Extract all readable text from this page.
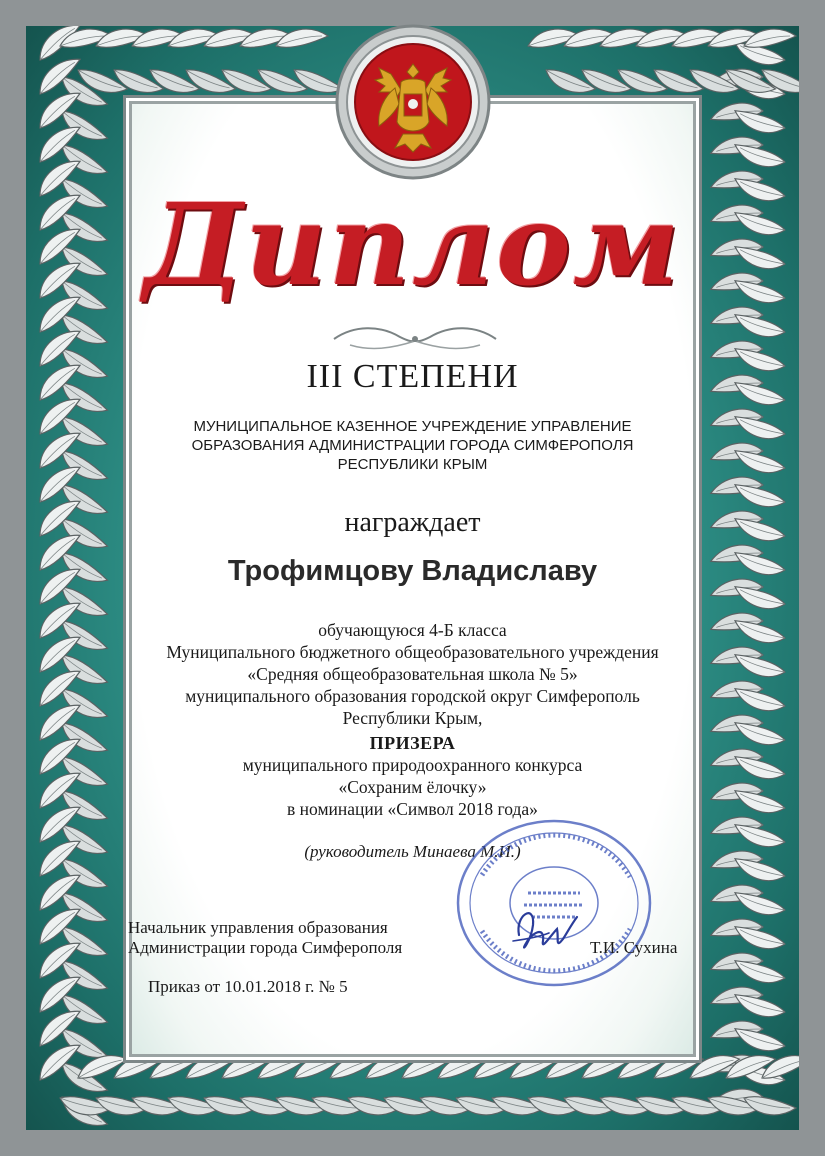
Диплом
III СТЕПЕНИ
МУНИЦИПАЛЬНОЕ КАЗЕННОЕ УЧРЕЖДЕНИЕ УПРАВЛЕНИЕ
ОБРАЗОВАНИЯ АДМИНИСТРАЦИИ ГОРОДА СИМФЕРОПОЛЯ
РЕСПУБЛИКИ КРЫМ
награждает
Трофимцову Владиславу
обучающуюся 4-Б класса
Муниципального бюджетного общеобразовательного учреждения
«Средняя общеобразовательная школа № 5»
муниципального образования городской округ Симферополь
Республики Крым,
ПРИЗЕРА
муниципального природоохранного конкурса
«Сохраним ёлочку»
в номинации «Символ 2018 года»
(руководитель Минаева М.И.)
Начальник управления образования
Администрации города Симферополя	Т.И. Сухина
Приказ от 10.01.2018 г. № 5
